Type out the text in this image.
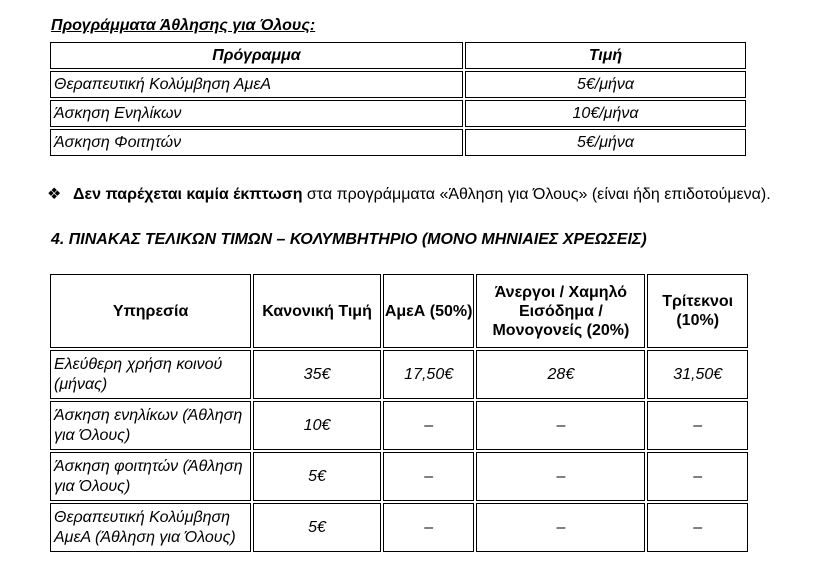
Προγράμματα Άθλησης για Όλους:
Πρόγραμμα	Τιμή
Θεραπευτική Κολύμβηση ΑμεΑ	5€/μήνα
Άσκηση Ενηλίκων	10€/μήνα
Άσκηση Φοιτητών	5€/μήνα
❖ Δεν παρέχεται καμία έκπτωση στα προγράμματα «Άθληση για Όλους» (είναι ήδη επιδοτούμενα).
4. ΠΙΝΑΚΑΣ ΤΕΛΙΚΩΝ ΤΙΜΩΝ – ΚΟΛΥΜΒΗΤΗΡΙΟ (ΜΟΝΟ ΜΗΝΙΑΙΕΣ ΧΡΕΩΣΕΙΣ)
Υπηρεσία	Κανονική Τιμή	ΑμεΑ (50%)	Άνεργοι / Χαμηλό Εισόδημα / Μονογονείς (20%)	Τρίτεκνοι (10%)
Ελεύθερη χρήση κοινού (μήνας)	35€	17,50€	28€	31,50€
Άσκηση ενηλίκων (Άθληση για Όλους)	10€	–	–	–
Άσκηση φοιτητών (Άθληση για Όλους)	5€	–	–	–
Θεραπευτική Κολύμβηση ΑμεΑ (Άθληση για Όλους)	5€	–	–	–
